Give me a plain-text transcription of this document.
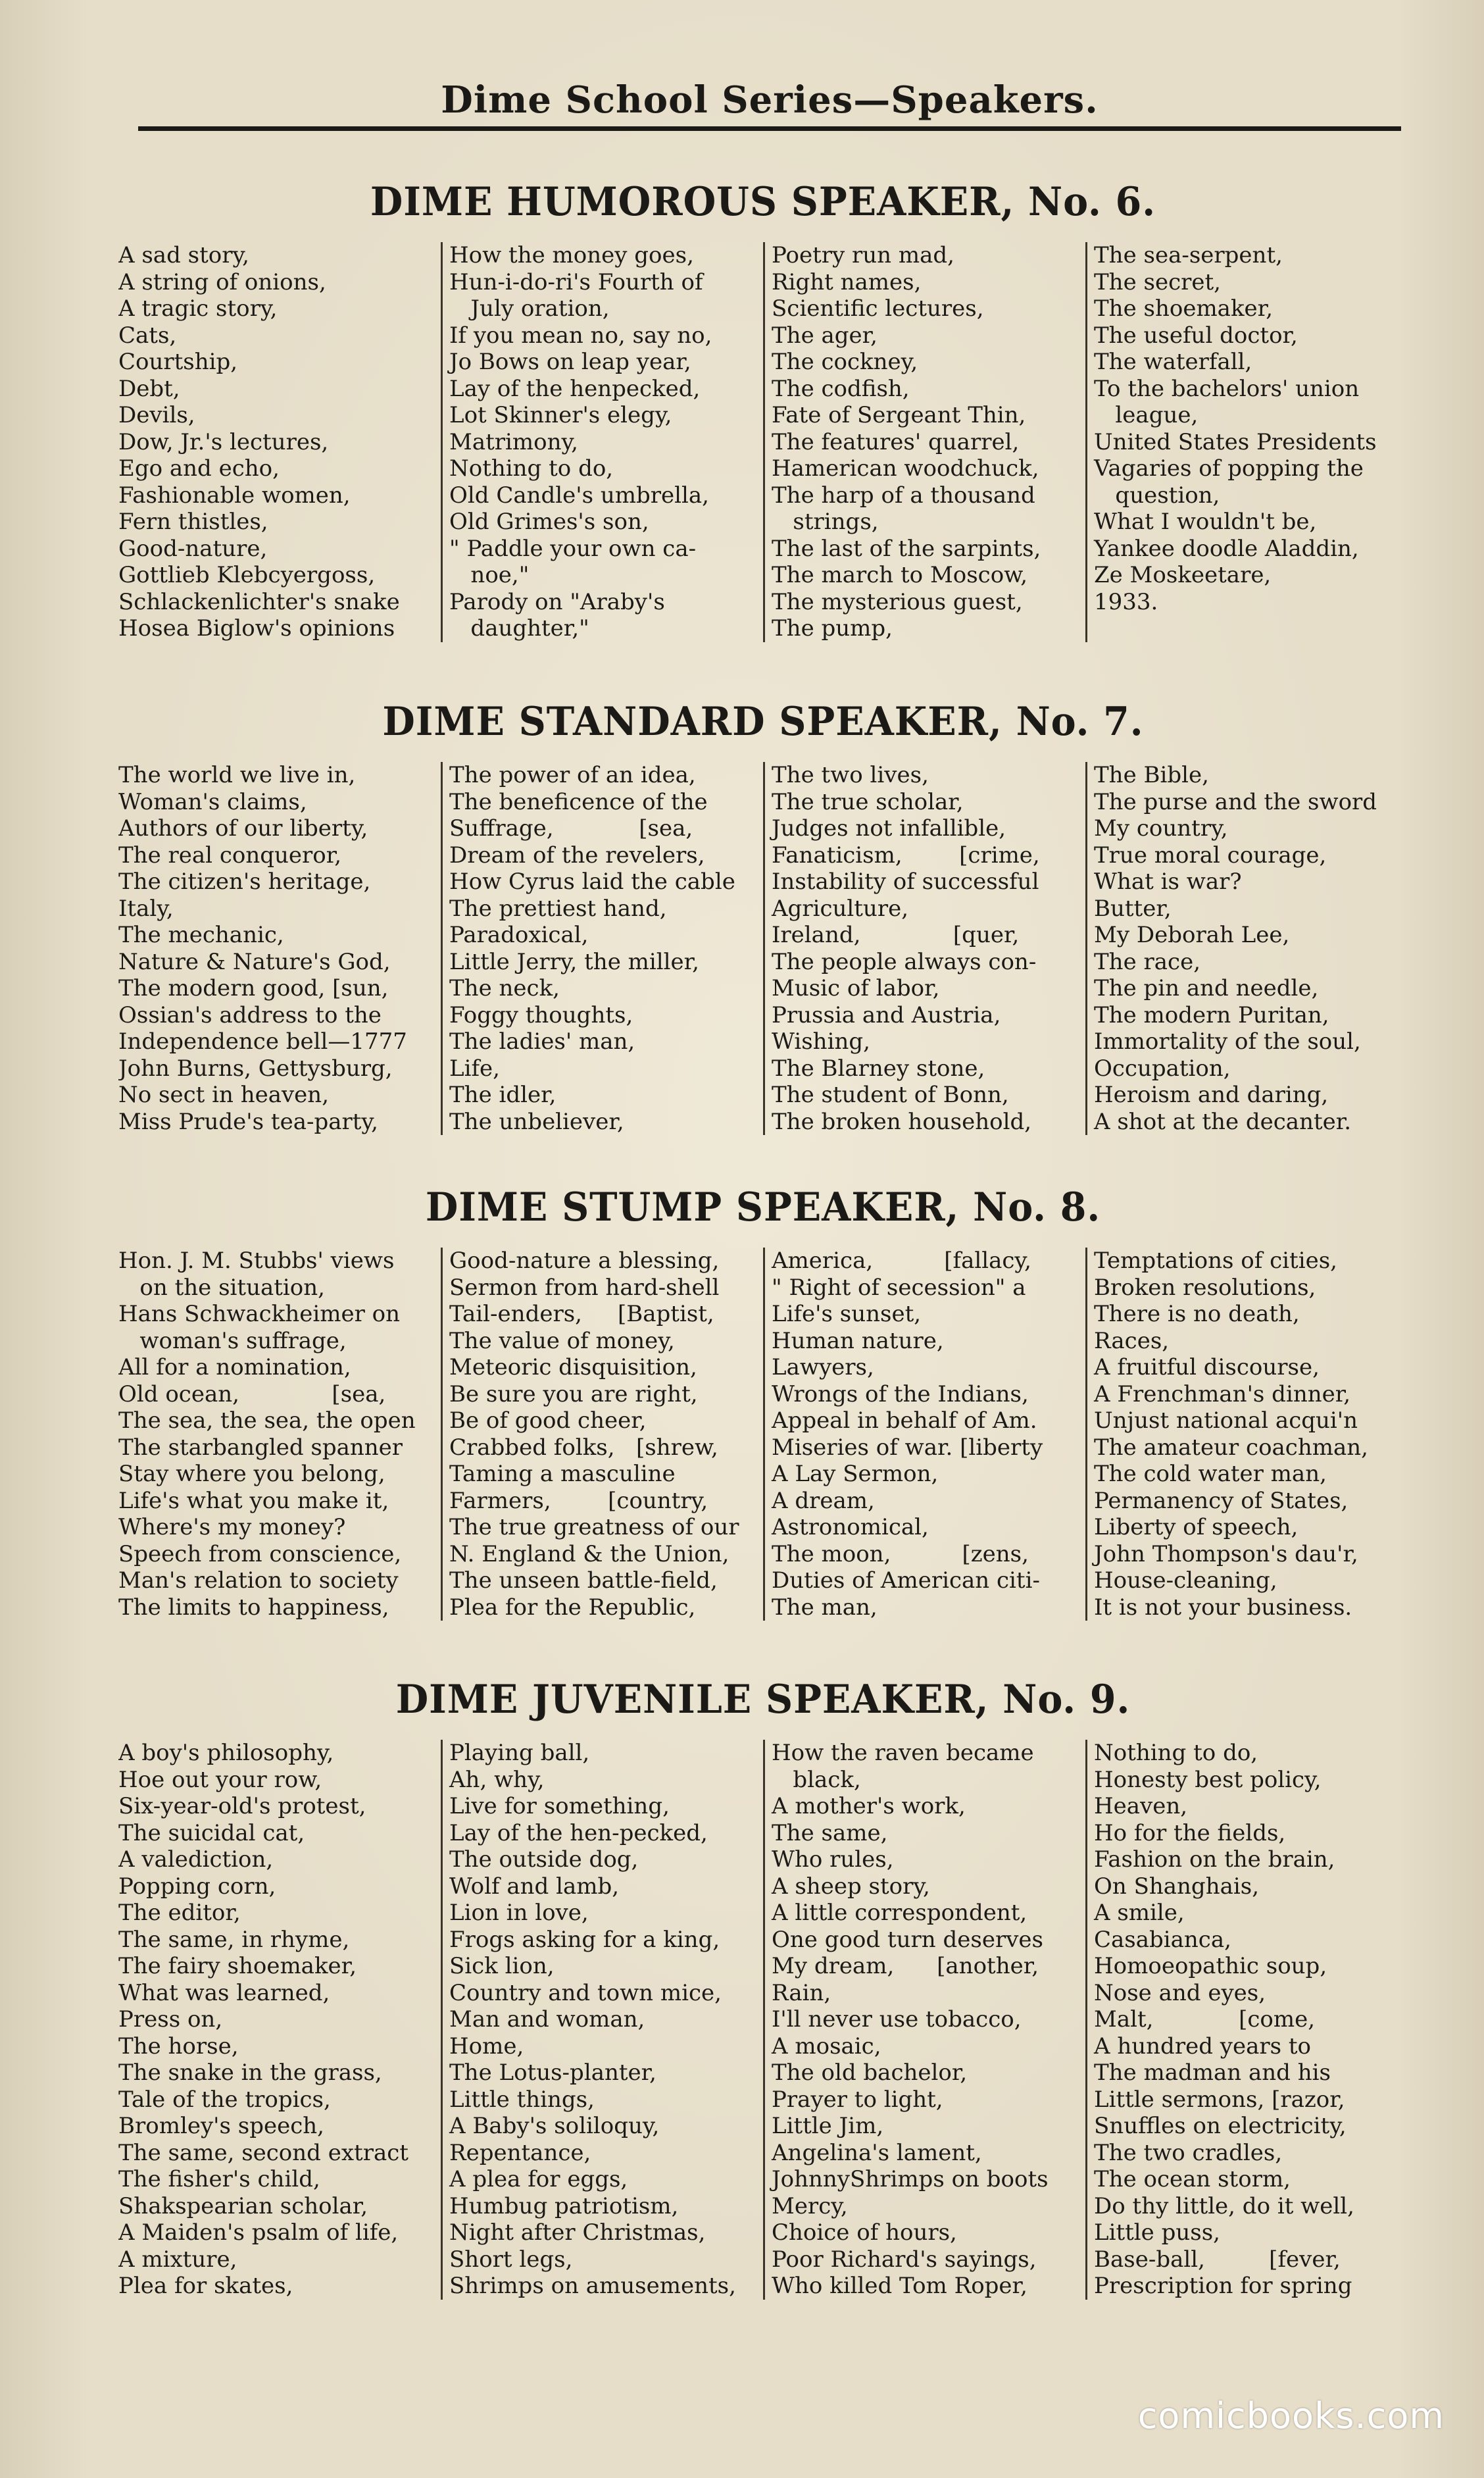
Dime School Series—Speakers.
DIME HUMOROUS SPEAKER, No. 6.
A sad story,
A string of onions,
A tragic story,
Cats,
Courtship,
Debt,
Devils,
Dow, Jr.'s lectures,
Ego and echo,
Fashionable women,
Fern thistles,
Good-nature,
Gottlieb Klebcyergoss,
Schlackenlichter's snake
Hosea Biglow's opinions
How the money goes,
Hun-i-do-ri's Fourth of
July oration,
If you mean no, say no,
Jo Bows on leap year,
Lay of the henpecked,
Lot Skinner's elegy,
Matrimony,
Nothing to do,
Old Candle's umbrella,
Old Grimes's son,
" Paddle your own ca-
noe,"
Parody on "Araby's
daughter,"
Poetry run mad,
Right names,
Scientific lectures,
The ager,
The cockney,
The codfish,
Fate of Sergeant Thin,
The features' quarrel,
Hamerican woodchuck,
The harp of a thousand
strings,
The last of the sarpints,
The march to Moscow,
The mysterious guest,
The pump,
The sea-serpent,
The secret,
The shoemaker,
The useful doctor,
The waterfall,
To the bachelors' union
league,
United States Presidents
Vagaries of popping the
question,
What I wouldn't be,
Yankee doodle Aladdin,
Ze Moskeetare,
1933.
DIME STANDARD SPEAKER, No. 7.
The world we live in,
Woman's claims,
Authors of our liberty,
The real conqueror,
The citizen's heritage,
Italy,
The mechanic,
Nature & Nature's God,
The modern good, [sun,
Ossian's address to the
Independence bell—1777
John Burns, Gettysburg,
No sect in heaven,
Miss Prude's tea-party,
The power of an idea,
The beneficence of the
Suffrage,            [sea,
Dream of the revelers,
How Cyrus laid the cable
The prettiest hand,
Paradoxical,
Little Jerry, the miller,
The neck,
Foggy thoughts,
The ladies' man,
Life,
The idler,
The unbeliever,
The two lives,
The true scholar,
Judges not infallible,
Fanaticism,        [crime,
Instability of successful
Agriculture,
Ireland,             [quer,
The people always con-
Music of labor,
Prussia and Austria,
Wishing,
The Blarney stone,
The student of Bonn,
The broken household,
The Bible,
The purse and the sword
My country,
True moral courage,
What is war?
Butter,
My Deborah Lee,
The race,
The pin and needle,
The modern Puritan,
Immortality of the soul,
Occupation,
Heroism and daring,
A shot at the decanter.
DIME STUMP SPEAKER, No. 8.
Hon. J. M. Stubbs' views
on the situation,
Hans Schwackheimer on
woman's suffrage,
All for a nomination,
Old ocean,             [sea,
The sea, the sea, the open
The starbangled spanner
Stay where you belong,
Life's what you make it,
Where's my money?
Speech from conscience,
Man's relation to society
The limits to happiness,
Good-nature a blessing,
Sermon from hard-shell
Tail-enders,     [Baptist,
The value of money,
Meteoric disquisition,
Be sure you are right,
Be of good cheer,
Crabbed folks,   [shrew,
Taming a masculine
Farmers,        [country,
The true greatness of our
N. England & the Union,
The unseen battle-field,
Plea for the Republic,
America,          [fallacy,
" Right of secession" a
Life's sunset,
Human nature,
Lawyers,
Wrongs of the Indians,
Appeal in behalf of Am.
Miseries of war. [liberty
A Lay Sermon,
A dream,
Astronomical,
The moon,          [zens,
Duties of American citi-
The man,
Temptations of cities,
Broken resolutions,
There is no death,
Races,
A fruitful discourse,
A Frenchman's dinner,
Unjust national acqui'n
The amateur coachman,
The cold water man,
Permanency of States,
Liberty of speech,
John Thompson's dau'r,
House-cleaning,
It is not your business.
DIME JUVENILE SPEAKER, No. 9.
A boy's philosophy,
Hoe out your row,
Six-year-old's protest,
The suicidal cat,
A valediction,
Popping corn,
The editor,
The same, in rhyme,
The fairy shoemaker,
What was learned,
Press on,
The horse,
The snake in the grass,
Tale of the tropics,
Bromley's speech,
The same, second extract
The fisher's child,
Shakspearian scholar,
A Maiden's psalm of life,
A mixture,
Plea for skates,
Playing ball,
Ah, why,
Live for something,
Lay of the hen-pecked,
The outside dog,
Wolf and lamb,
Lion in love,
Frogs asking for a king,
Sick lion,
Country and town mice,
Man and woman,
Home,
The Lotus-planter,
Little things,
A Baby's soliloquy,
Repentance,
A plea for eggs,
Humbug patriotism,
Night after Christmas,
Short legs,
Shrimps on amusements,
How the raven became
black,
A mother's work,
The same,
Who rules,
A sheep story,
A little correspondent,
One good turn deserves
My dream,      [another,
Rain,
I'll never use tobacco,
A mosaic,
The old bachelor,
Prayer to light,
Little Jim,
Angelina's lament,
JohnnyShrimps on boots
Mercy,
Choice of hours,
Poor Richard's sayings,
Who killed Tom Roper,
Nothing to do,
Honesty best policy,
Heaven,
Ho for the fields,
Fashion on the brain,
On Shanghais,
A smile,
Casabianca,
Homoeopathic soup,
Nose and eyes,
Malt,            [come,
A hundred years to
The madman and his
Little sermons, [razor,
Snuffles on electricity,
The two cradles,
The ocean storm,
Do thy little, do it well,
Little puss,
Base-ball,         [fever,
Prescription for spring
comicbooks.com
